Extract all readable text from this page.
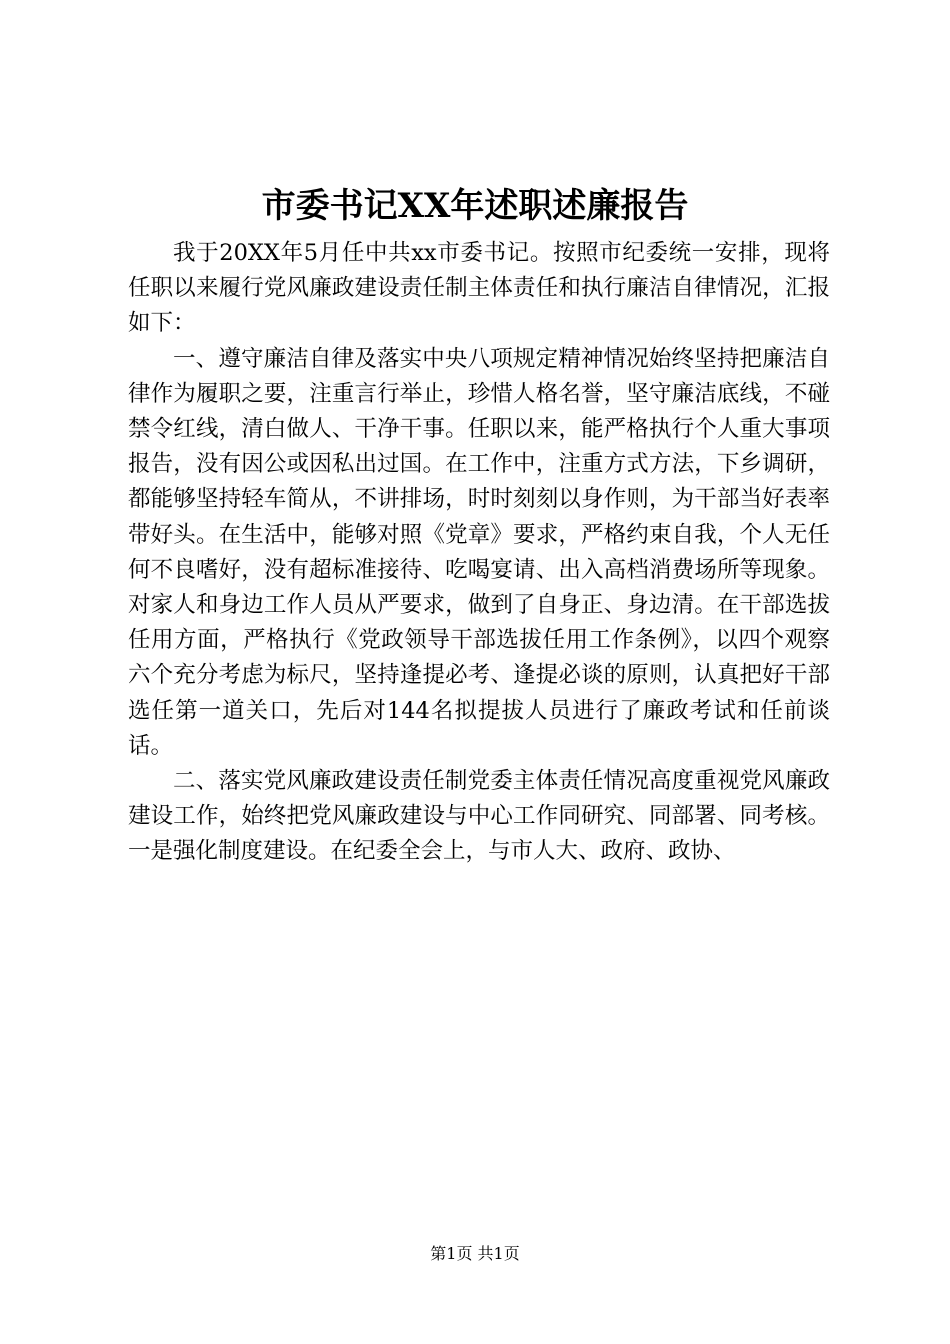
市委书记XX年述职述廉报告

我于20XX年5月任中共xx市委书记。按照市纪委统一安排，现将任职以来履行党风廉政建设责任制主体责任和执行廉洁自律情况，汇报如下：

一、遵守廉洁自律及落实中央八项规定精神情况始终坚持把廉洁自律作为履职之要，注重言行举止，珍惜人格名誉，坚守廉洁底线，不碰禁令红线，清白做人、干净干事。任职以来，能严格执行个人重大事项报告，没有因公或因私出过国。在工作中，注重方式方法，下乡调研，都能够坚持轻车简从，不讲排场，时时刻刻以身作则，为干部当好表率带好头。在生活中，能够对照《党章》要求，严格约束自我，个人无任何不良嗜好，没有超标准接待、吃喝宴请、出入高档消费场所等现象。对家人和身边工作人员从严要求，做到了自身正、身边清。在干部选拔任用方面，严格执行《党政领导干部选拔任用工作条例》，以四个观察六个充分考虑为标尺，坚持逢提必考、逢提必谈的原则，认真把好干部选任第一道关口，先后对144名拟提拔人员进行了廉政考试和任前谈话。

二、落实党风廉政建设责任制党委主体责任情况高度重视党风廉政建设工作，始终把党风廉政建设与中心工作同研究、同部署、同考核。一是强化制度建设。在纪委全会上，与市人大、政府、政协、

第1页 共1页
